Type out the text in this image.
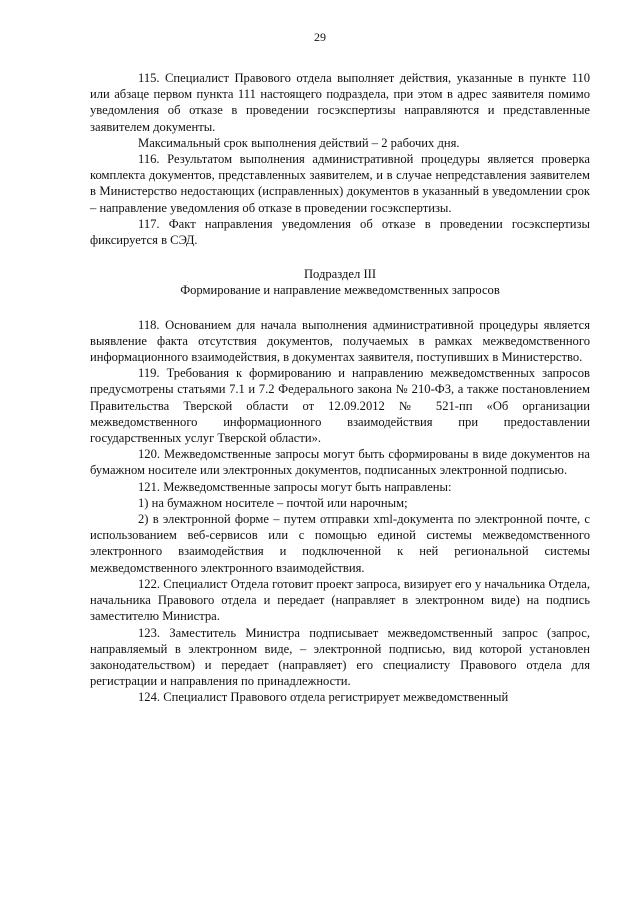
29

115. Специалист Правового отдела выполняет действия, указанные в пункте 110 или абзаце первом пункта 111 настоящего подраздела, при этом в адрес заявителя помимо уведомления об отказе в проведении госэкспертизы направляются и представленные заявителем документы.

Максимальный срок выполнения действий – 2 рабочих дня.

116. Результатом выполнения административной процедуры является проверка комплекта документов, представленных заявителем, и в случае непредставления заявителем в Министерство недостающих (исправленных) документов в указанный в уведомлении срок – направление уведомления об отказе в проведении госэкспертизы.

117. Факт направления уведомления об отказе в проведении госэкспертизы фиксируется в СЭД.

Подраздел III

Формирование и направление межведомственных запросов

118. Основанием для начала выполнения административной процедуры является выявление факта отсутствия документов, получаемых в рамках межведомственного информационного взаимодействия, в документах заявителя, поступивших в Министерство.

119. Требования к формированию и направлению межведомственных запросов предусмотрены статьями 7.1 и 7.2 Федерального закона № 210-ФЗ, а также постановлением Правительства Тверской области от 12.09.2012 № 521-пп «Об организации межведомственного информационного взаимодействия при предоставлении государственных услуг Тверской области».

120. Межведомственные запросы могут быть сформированы в виде документов на бумажном носителе или электронных документов, подписанных электронной подписью.

121. Межведомственные запросы могут быть направлены:

1) на бумажном носителе – почтой или нарочным;

2) в электронной форме – путем отправки xml-документа по электронной почте, с использованием веб-сервисов или с помощью единой системы межведомственного электронного взаимодействия и подключенной к ней региональной системы межведомственного электронного взаимодействия.

122. Специалист Отдела готовит проект запроса, визирует его у начальника Отдела, начальника Правового отдела и передает (направляет в электронном виде) на подпись заместителю Министра.

123. Заместитель Министра подписывает межведомственный запрос (запрос, направляемый в электронном виде, – электронной подписью, вид которой установлен законодательством) и передает (направляет) его специалисту Правового отдела для регистрации и направления по принадлежности.

124. Специалист Правового отдела регистрирует межведомственный
